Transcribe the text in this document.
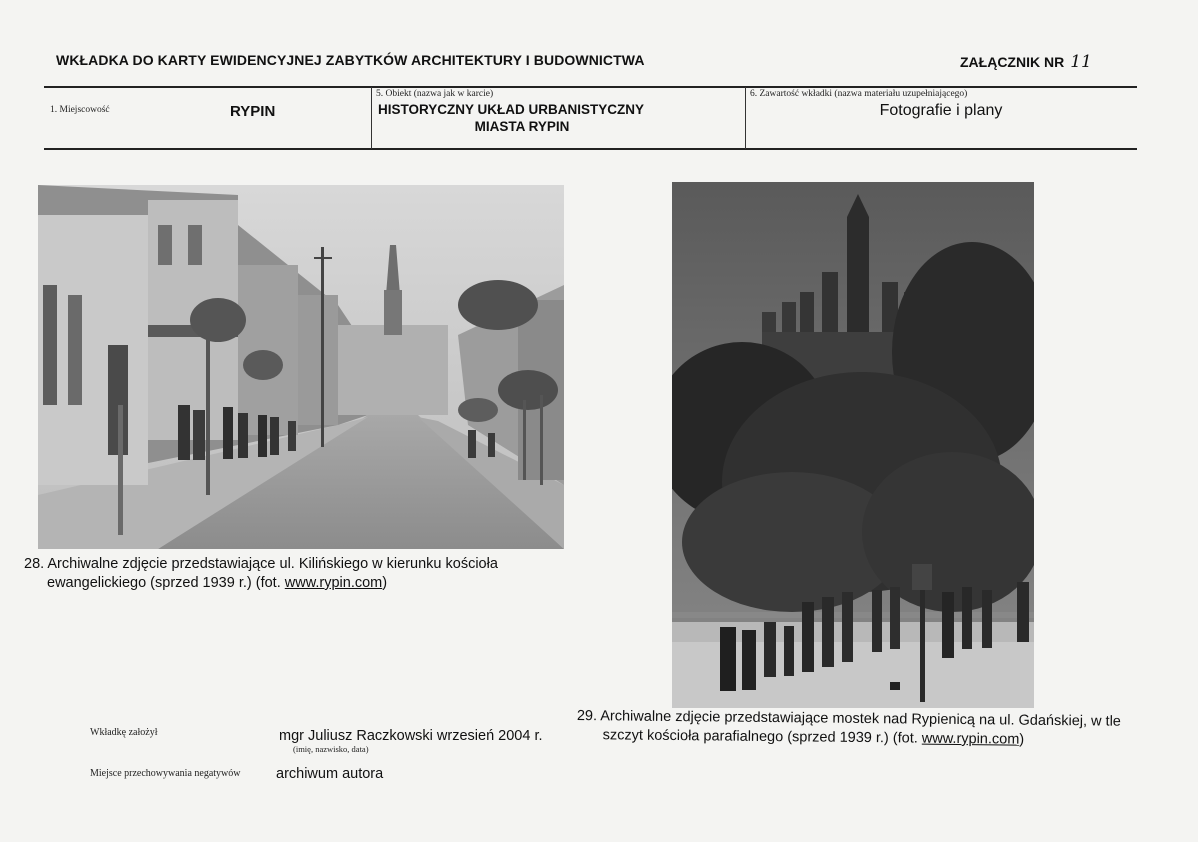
WKŁADKA DO KARTY EWIDENCYJNEJ ZABYTKÓW ARCHITEKTURY I BUDOWNICTWA	ZAŁĄCZNIK NR 11
1. Miejscowość	RYPIN
5. Obiekt (nazwa jak w karcie)
HISTORYCZNY UKŁAD URBANISTYCZNY
MIASTA RYPIN
6. Zawartość wkładki (nazwa materiału uzupełniającego)
Fotografie i plany
28. Archiwalne zdjęcie przedstawiające ul. Kilińskiego w kierunku kościoła
ewangelickiego (sprzed 1939 r.) (fot. www.rypin.com)
29. Archiwalne zdjęcie przedstawiające mostek nad Rypienicą na ul. Gdańskiej, w tle
szczyt kościoła parafialnego (sprzed 1939 r.) (fot. www.rypin.com)
Wkładkę założył	mgr Juliusz Raczkowski wrzesień 2004 r.
(imię, nazwisko, data)
Miejsce przechowywania negatywów archiwum autora
